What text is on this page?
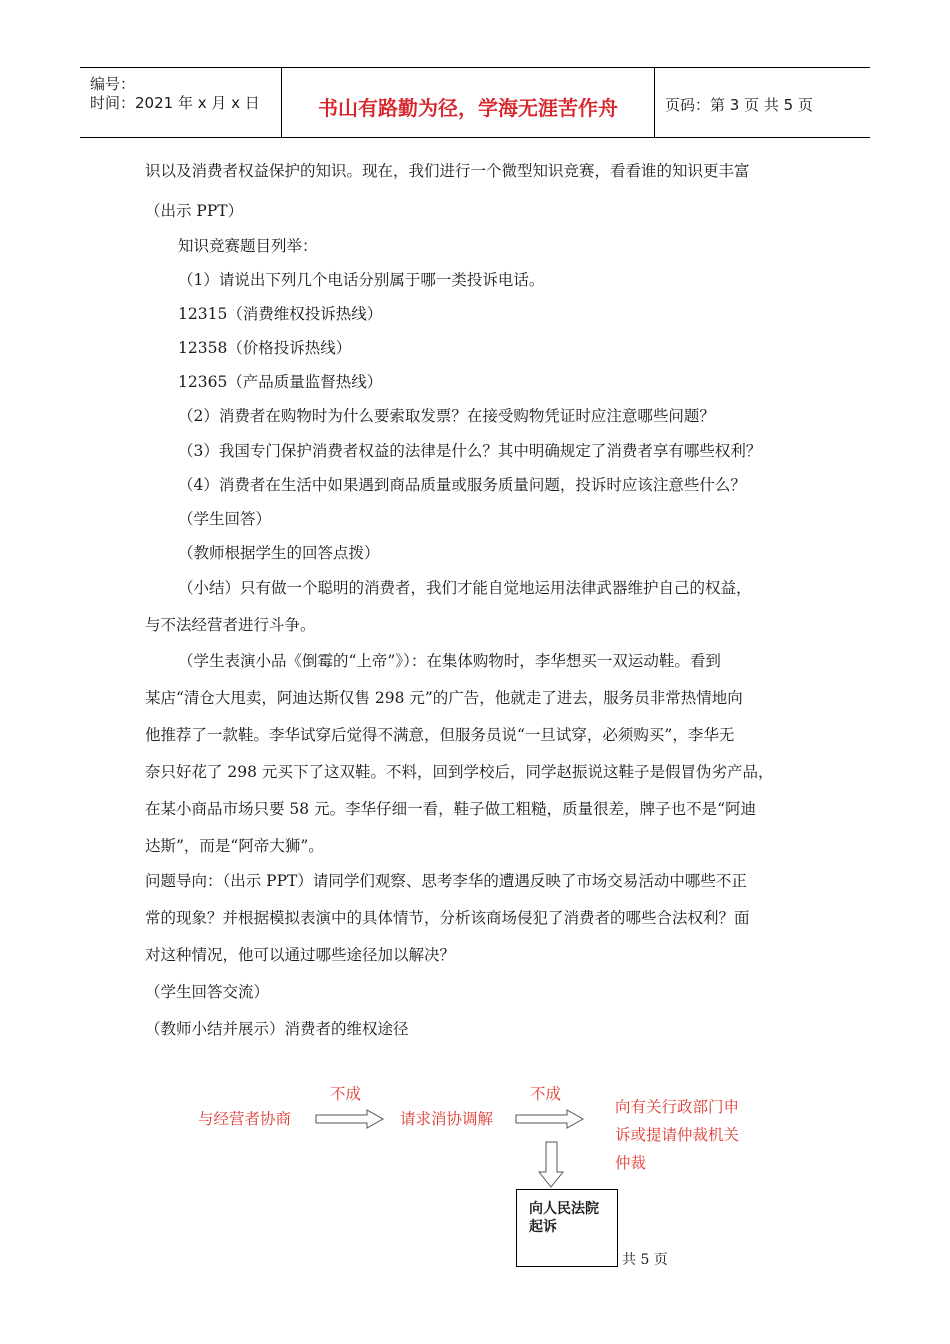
编号：
时间：2021 年 x 月 x 日	书山有路勤为径，学海无涯苦作舟	页码：第 3 页 共 5 页
识以及消费者权益保护的知识。现在，我们进行一个微型知识竞赛，看看谁的知识更丰富
（出示 PPT）
知识竞赛题目列举：
（1）请说出下列几个电话分别属于哪一类投诉电话。
12315（消费维权投诉热线）
12358（价格投诉热线）
12365（产品质量监督热线）
（2）消费者在购物时为什么要索取发票？在接受购物凭证时应注意哪些问题？
（3）我国专门保护消费者权益的法律是什么？其中明确规定了消费者享有哪些权利？
（4）消费者在生活中如果遇到商品质量或服务质量问题，投诉时应该注意些什么？
（学生回答）
（教师根据学生的回答点拨）
（小结）只有做一个聪明的消费者，我们才能自觉地运用法律武器维护自己的权益，
与不法经营者进行斗争。
（学生表演小品《倒霉的“上帝”》）：在集体购物时，李华想买一双运动鞋。看到
某店“清仓大甩卖，阿迪达斯仅售 298 元”的广告，他就走了进去，服务员非常热情地向
他推荐了一款鞋。李华试穿后觉得不满意，但服务员说“一旦试穿，必须购买”，李华无
奈只好花了 298 元买下了这双鞋。不料，回到学校后，同学赵振说这鞋子是假冒伪劣产品，
在某小商品市场只要 58 元。李华仔细一看，鞋子做工粗糙，质量很差，牌子也不是“阿迪
达斯”，而是“阿帝大狮”。
问题导向：（出示 PPT）请同学们观察、思考李华的遭遇反映了市场交易活动中哪些不正
常的现象？并根据模拟表演中的具体情节，分析该商场侵犯了消费者的哪些合法权利？面
对这种情况，他可以通过哪些途径加以解决？
（学生回答交流）
（教师小结并展示）消费者的维权途径
与经营者协商
不成
请求消协调解
不成
向有关行政部门申
诉或提请仲裁机关
仲裁
向人民法院起诉
共 5 页
